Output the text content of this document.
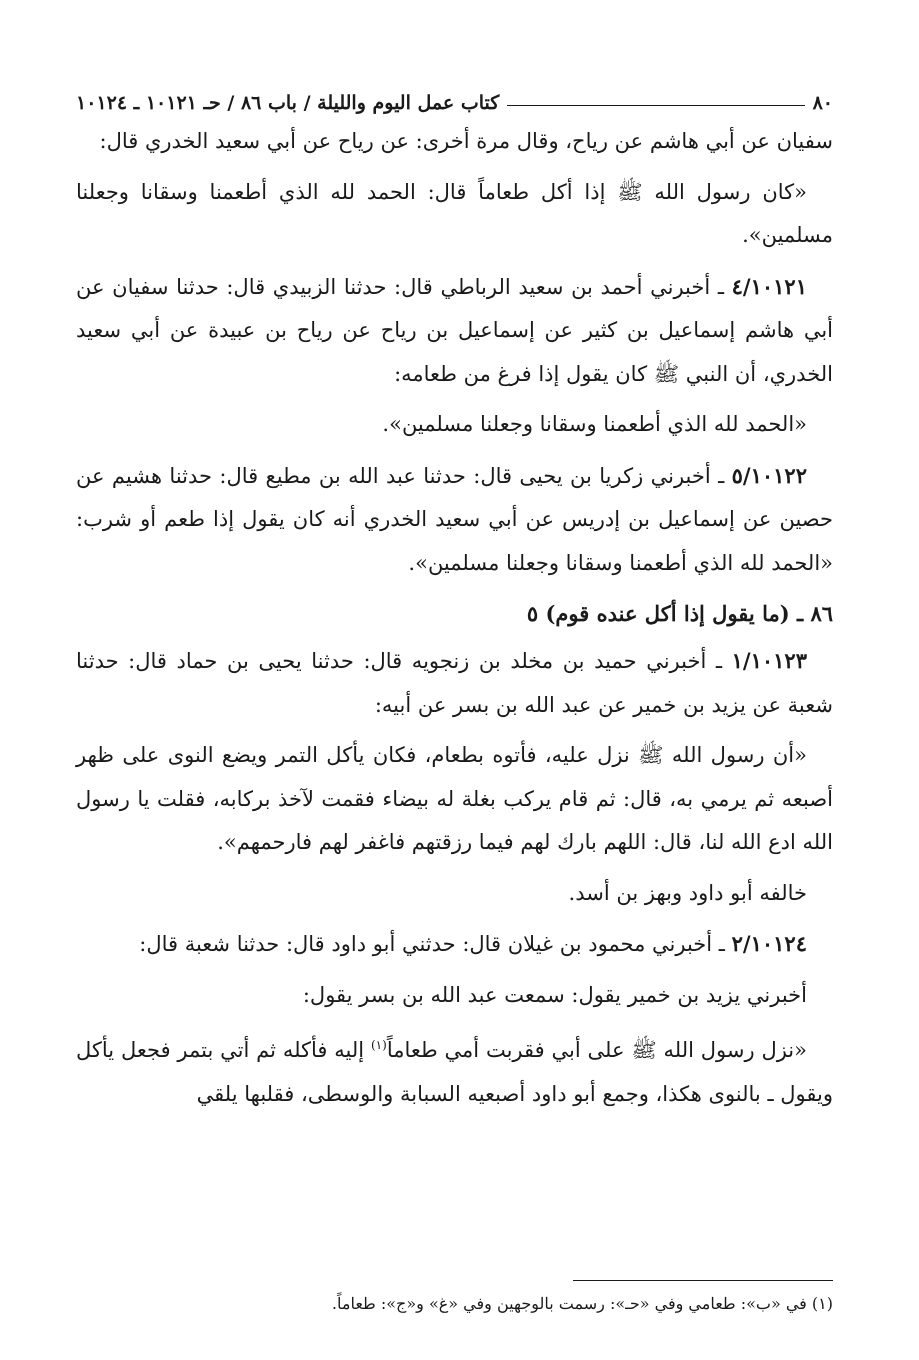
٨٠
كتاب عمل اليوم والليلة / باب ٨٦ / حـ ١٠١٢١ ـ ١٠١٢٤

سفيان عن أبي هاشم عن رياح، وقال مرة أخرى: عن رياح عن أبي سعيد الخدري قال:

«كان رسول الله ﷺ إذا أكل طعاماً قال: الحمد لله الذي أطعمنا وسقانا وجعلنا مسلمين».

٤/١٠١٢١ ـ أخبرني أحمد بن سعيد الرباطي قال: حدثنا الزبيدي قال: حدثنا سفيان عن أبي هاشم إسماعيل بن كثير عن إسماعيل بن رياح عن رياح بن عبيدة عن أبي سعيد الخدري، أن النبي ﷺ كان يقول إذا فرغ من طعامه:

«الحمد لله الذي أطعمنا وسقانا وجعلنا مسلمين».

٥/١٠١٢٢ ـ أخبرني زكريا بن يحيى قال: حدثنا عبد الله بن مطيع قال: حدثنا هشيم عن حصين عن إسماعيل بن إدريس عن أبي سعيد الخدري أنه كان يقول إذا طعم أو شرب: «الحمد لله الذي أطعمنا وسقانا وجعلنا مسلمين».

٨٦ ـ (ما يقول إذا أكل عنده قوم) ٥

١/١٠١٢٣ ـ أخبرني حميد بن مخلد بن زنجويه قال: حدثنا يحيى بن حماد قال: حدثنا شعبة عن يزيد بن خمير عن عبد الله بن بسر عن أبيه:

«أن رسول الله ﷺ نزل عليه، فأتوه بطعام، فكان يأكل التمر ويضع النوى على ظهر أصبعه ثم يرمي به، قال: ثم قام يركب بغلة له بيضاء فقمت لآخذ بركابه، فقلت يا رسول الله ادع الله لنا، قال: اللهم بارك لهم فيما رزقتهم فاغفر لهم فارحمهم».

خالفه أبو داود وبهز بن أسد.

٢/١٠١٢٤ ـ أخبرني محمود بن غيلان قال: حدثني أبو داود قال: حدثنا شعبة قال:

أخبرني يزيد بن خمير يقول: سمعت عبد الله بن بسر يقول:

«نزل رسول الله ﷺ على أبي فقربت أمي طعاماً$^{(١)}$ إليه فأكله ثم أتي بتمر فجعل يأكل ويقول ـ بالنوى هكذا، وجمع أبو داود أصبعيه السبابة والوسطى، فقلبها يلقي

(١) في «ب»: طعامي وفي «حـ»: رسمت بالوجهين وفي «غ» و«ج»: طعاماً.
